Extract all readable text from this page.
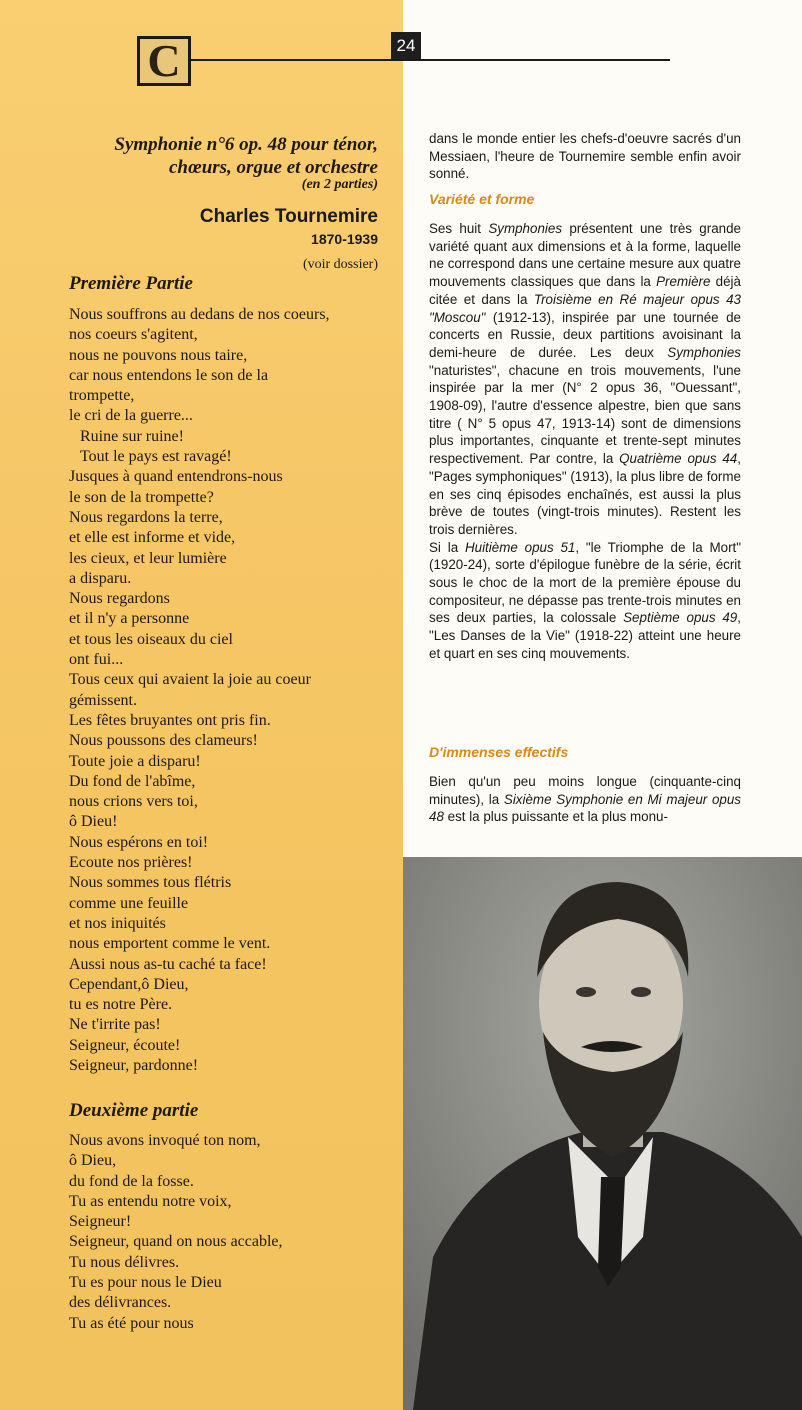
C	24
Symphonie n°6 op. 48 pour ténor,
chœurs, orgue et orchestre
(en 2 parties)
Charles Tournemire
1870-1939
(voir dossier)
Première Partie
Nous souffrons au dedans de nos coeurs,
nos coeurs s'agitent,
nous ne pouvons nous taire,
car nous entendons le son de la
trompette,
le cri de la guerre...
Ruine sur ruine!
Tout le pays est ravagé!
Jusques à quand entendrons-nous
le son de la trompette?
Nous regardons la terre,
et elle est informe et vide,
les cieux, et leur lumière
a disparu.
Nous regardons
et il n'y a personne
et tous les oiseaux du ciel
ont fui...
Tous ceux qui avaient la joie au coeur
gémissent.
Les fêtes bruyantes ont pris fin.
Nous poussons des clameurs!
Toute joie a disparu!
Du fond de l'abîme,
nous crions vers toi,
ô Dieu!
Nous espérons en toi!
Ecoute nos prières!
Nous sommes tous flétris
comme une feuille
et nos iniquités
nous emportent comme le vent.
Aussi nous as-tu caché ta face!
Cependant,ô Dieu,
tu es notre Père.
Ne t'irrite pas!
Seigneur, écoute!
Seigneur, pardonne!
Deuxième partie
Nous avons invoqué ton nom,
ô Dieu,
du fond de la fosse.
Tu as entendu notre voix,
Seigneur!
Seigneur, quand on nous accable,
Tu nous délivres.
Tu es pour nous le Dieu
des délivrances.
Tu as été pour nous

dans le monde entier les chefs-d'oeuvre sacrés d'un Messiaen, l'heure de Tournemire semble enfin avoir sonné.

Variété et forme

Ses huit Symphonies présentent une très grande variété quant aux dimensions et à la forme, laquelle ne correspond dans une certaine mesure aux quatre mouvements classiques que dans la Première déjà citée et dans la Troisième en Ré majeur opus 43 "Moscou" (1912-13), inspirée par une tournée de concerts en Russie, deux partitions avoisinant la demi-heure de durée. Les deux Symphonies "naturistes", chacune en trois mouvements, l'une inspirée par la mer (N° 2 opus 36, "Ouessant", 1908-09), l'autre d'essence alpestre, bien que sans titre ( N° 5 opus 47, 1913-14) sont de dimensions plus importantes, cinquante et trente-sept minutes respectivement. Par contre, la Quatrième opus 44, "Pages symphoniques" (1913), la plus libre de forme en ses cinq épisodes enchaînés, est aussi la plus brève de toutes (vingt-trois minutes). Restent les trois dernières.

Si la Huitième opus 51, "le Triomphe de la Mort" (1920-24), sorte d'épilogue funèbre de la série, écrit sous le choc de la mort de la première épouse du compositeur, ne dépasse pas trente-trois minutes en ses deux parties, la colossale Septième opus 49, "Les Danses de la Vie" (1918-22) atteint une heure et quart en ses cinq mouvements.

D'immenses effectifs

Bien qu'un peu moins longue (cinquante-cinq minutes), la Sixième Symphonie en Mi majeur opus 48 est la plus puissante et la plus monu-
